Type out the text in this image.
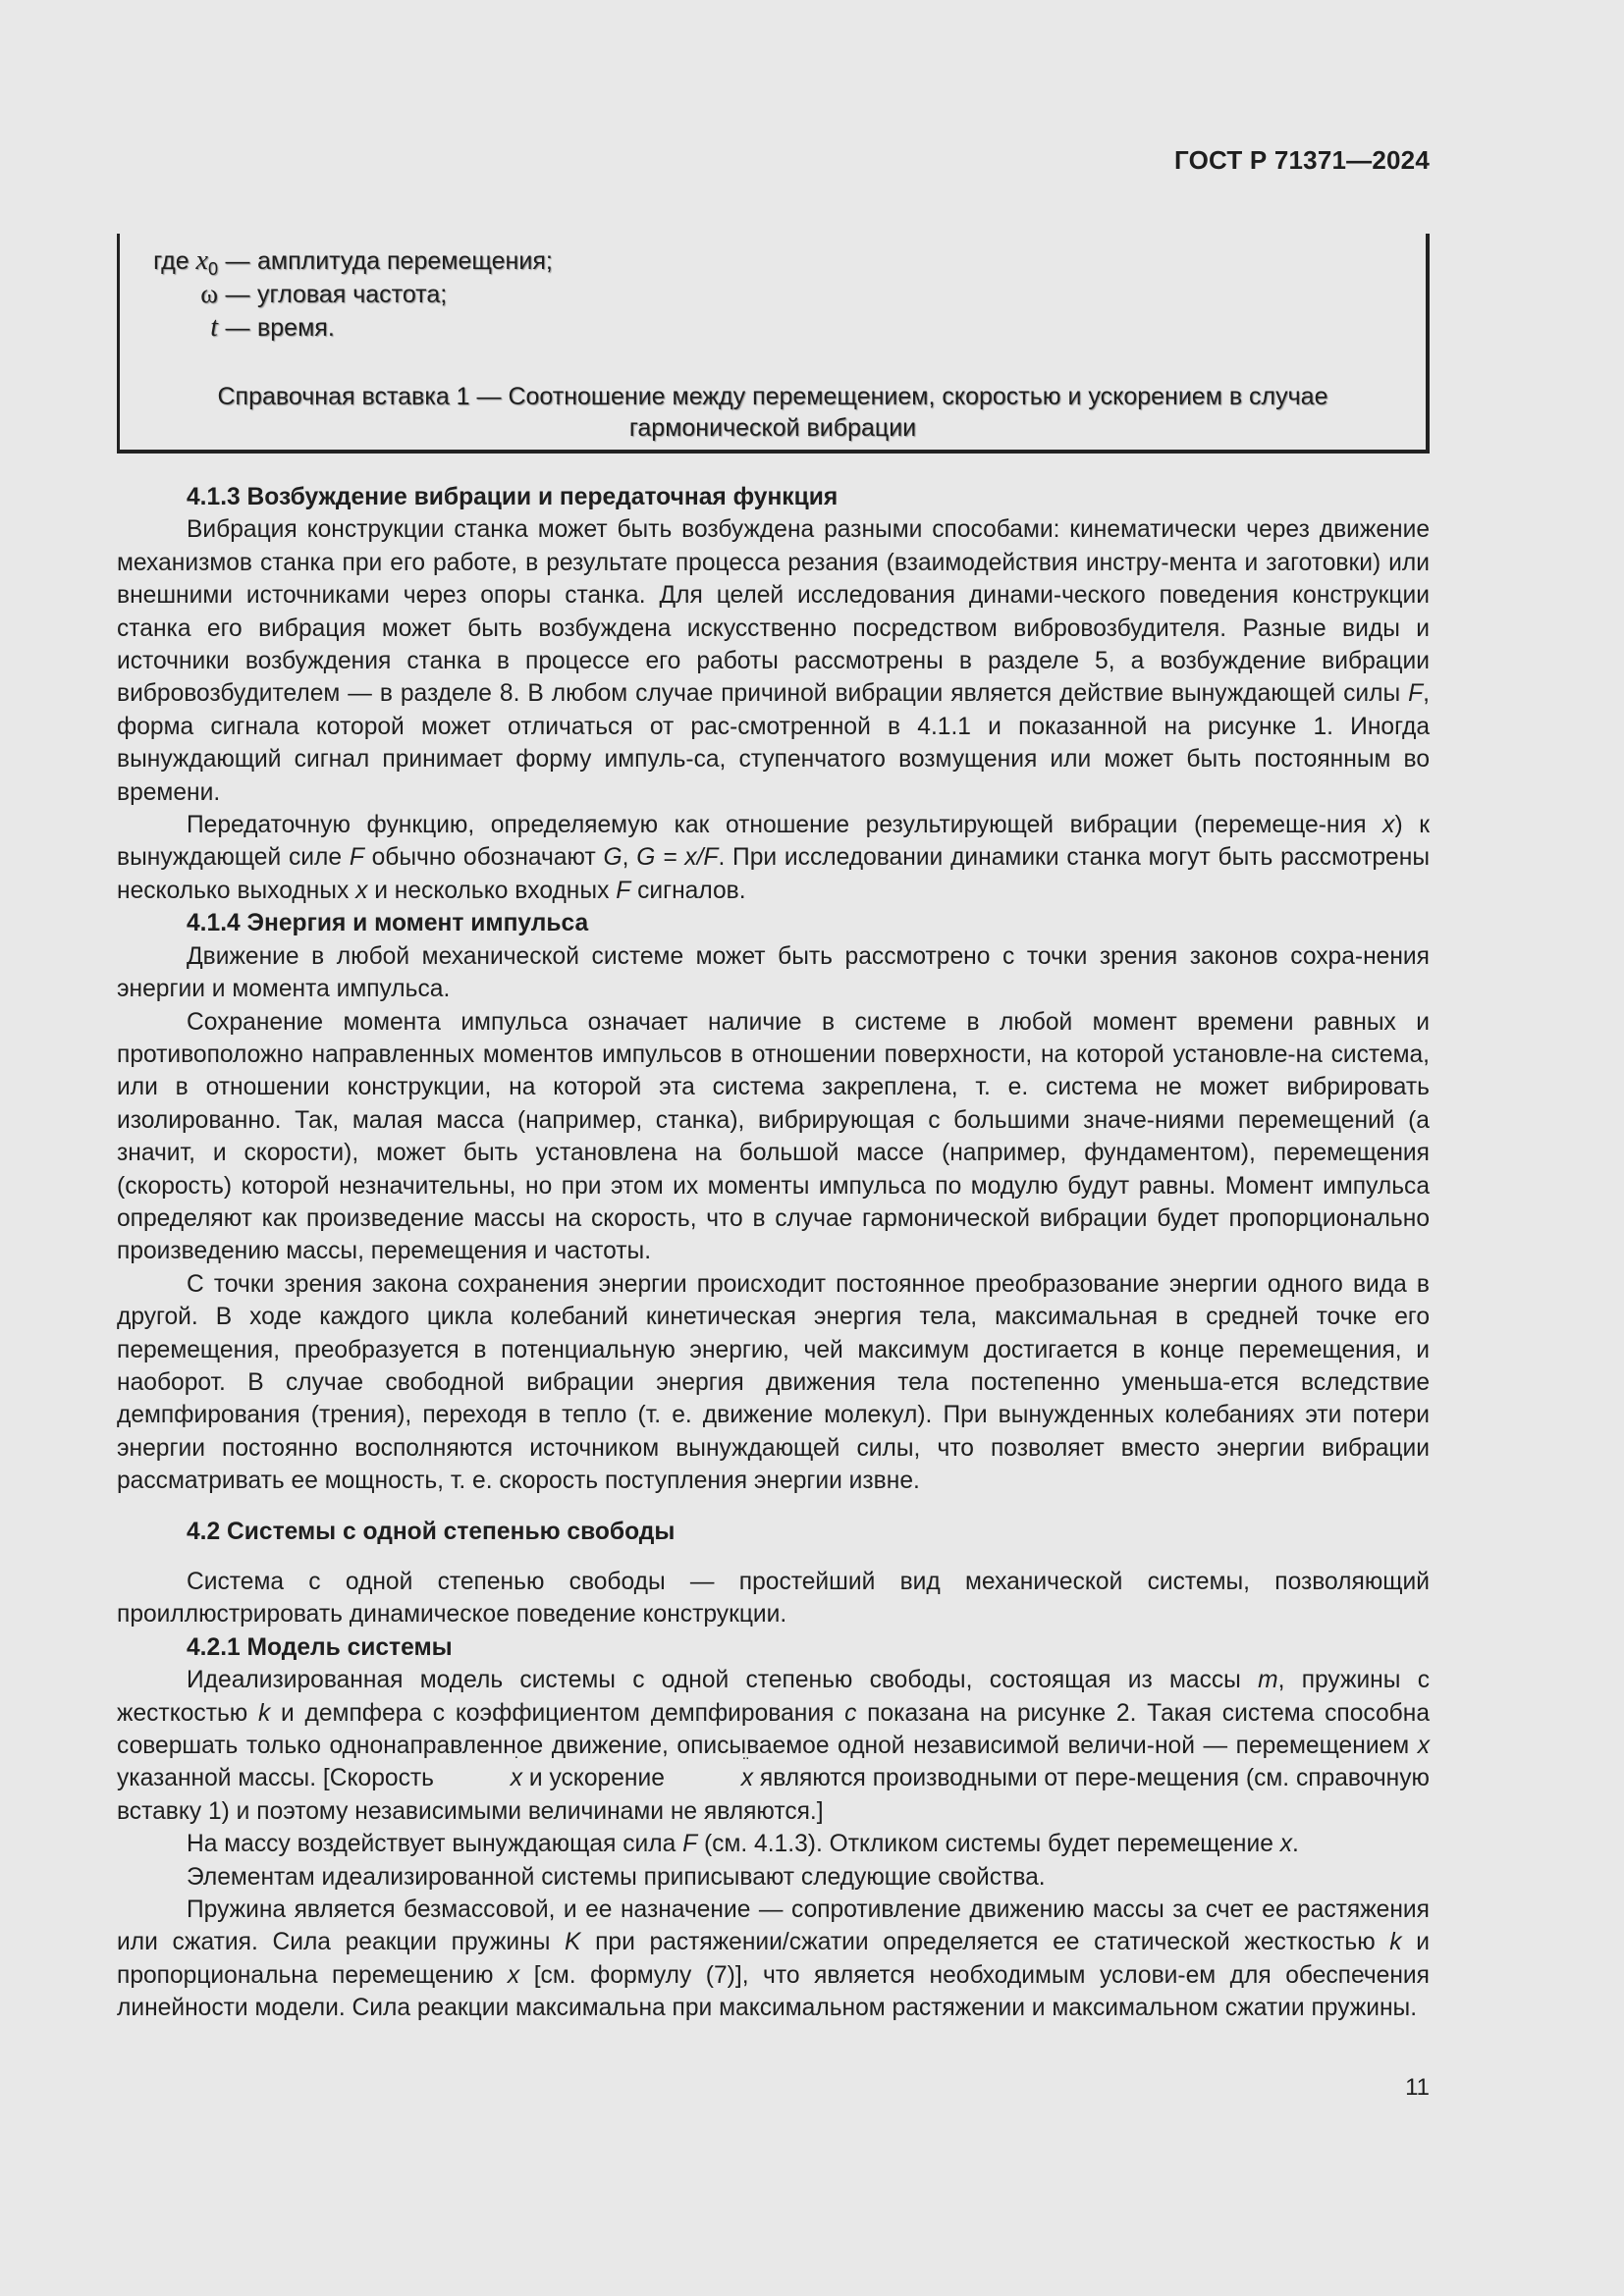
ГОСТ Р 71371—2024
где $x_0$ — амплитуда перемещения;
ω — угловая частота;
t — время.
Справочная вставка 1 — Соотношение между перемещением, скоростью и ускорением в случае
гармонической вибрации
4.1.3 Возбуждение вибрации и передаточная функция

Вибрация конструкции станка может быть возбуждена разными способами: кинематически через движение механизмов станка при его работе, в результате процесса резания (взаимодействия инстру-мента и заготовки) или внешними источниками через опоры станка. Для целей исследования динами-ческого поведения конструкции станка его вибрация может быть возбуждена искусственно посредством вибровозбудителя. Разные виды и источники возбуждения станка в процессе его работы рассмотрены в разделе 5, а возбуждение вибрации вибровозбудителем — в разделе 8. В любом случае причиной вибрации является действие вынуждающей силы F, форма сигнала которой может отличаться от рас-смотренной в 4.1.1 и показанной на рисунке 1. Иногда вынуждающий сигнал принимает форму импуль-са, ступенчатого возмущения или может быть постоянным во времени.

Передаточную функцию, определяемую как отношение результирующей вибрации (перемеще-ния x) к вынуждающей силе F обычно обозначают G, G = x/F. При исследовании динамики станка могут быть рассмотрены несколько выходных x и несколько входных F сигналов.

4.1.4 Энергия и момент импульса

Движение в любой механической системе может быть рассмотрено с точки зрения законов сохра-нения энергии и момента импульса.

Сохранение момента импульса означает наличие в системе в любой момент времени равных и противоположно направленных моментов импульсов в отношении поверхности, на которой установле-на система, или в отношении конструкции, на которой эта система закреплена, т. е. система не может вибрировать изолированно. Так, малая масса (например, станка), вибрирующая с большими значе-ниями перемещений (а значит, и скорости), может быть установлена на большой массе (например, фундаментом), перемещения (скорость) которой незначительны, но при этом их моменты импульса по модулю будут равны. Момент импульса определяют как произведение массы на скорость, что в случае гармонической вибрации будет пропорционально произведению массы, перемещения и частоты.

С точки зрения закона сохранения энергии происходит постоянное преобразование энергии одного вида в другой. В ходе каждого цикла колебаний кинетическая энергия тела, максимальная в средней точке его перемещения, преобразуется в потенциальную энергию, чей максимум достигается в конце перемещения, и наоборот. В случае свободной вибрации энергия движения тела постепенно уменьша-ется вследствие демпфирования (трения), переходя в тепло (т. е. движение молекул). При вынужденных колебаниях эти потери энергии постоянно восполняются источником вынуждающей силы, что позволяет вместо энергии вибрации рассматривать ее мощность, т. е. скорость поступления энергии извне.

4.2 Системы с одной степенью свободы

Система с одной степенью свободы — простейший вид механической системы, позволяющий проиллюстрировать динамическое поведение конструкции.

4.2.1 Модель системы

Идеализированная модель системы с одной степенью свободы, состоящая из массы m, пружины с жесткостью k и демпфера с коэффициентом демпфирования c показана на рисунке 2. Такая система способна совершать только однонаправленное движение, описываемое одной независимой величи-ной — перемещением x указанной массы. [Скорость	˙ x и ускорение	¨ x являются производными от пере-мещения (см. справочную вставку 1) и поэтому независимыми величинами не являются.]

На массу воздействует вынуждающая сила F (см. 4.1.3). Откликом системы будет перемещение x.

Элементам идеализированной системы приписывают следующие свойства.

Пружина является безмассовой, и ее назначение — сопротивление движению массы за счет ее растяжения или сжатия. Сила реакции пружины K при растяжении/сжатии определяется ее статической жесткостью k и пропорциональна перемещению x [см. формулу (7)], что является необходимым услови-ем для обеспечения линейности модели. Сила реакции максимальна при максимальном растяжении и максимальном сжатии пружины.

11
